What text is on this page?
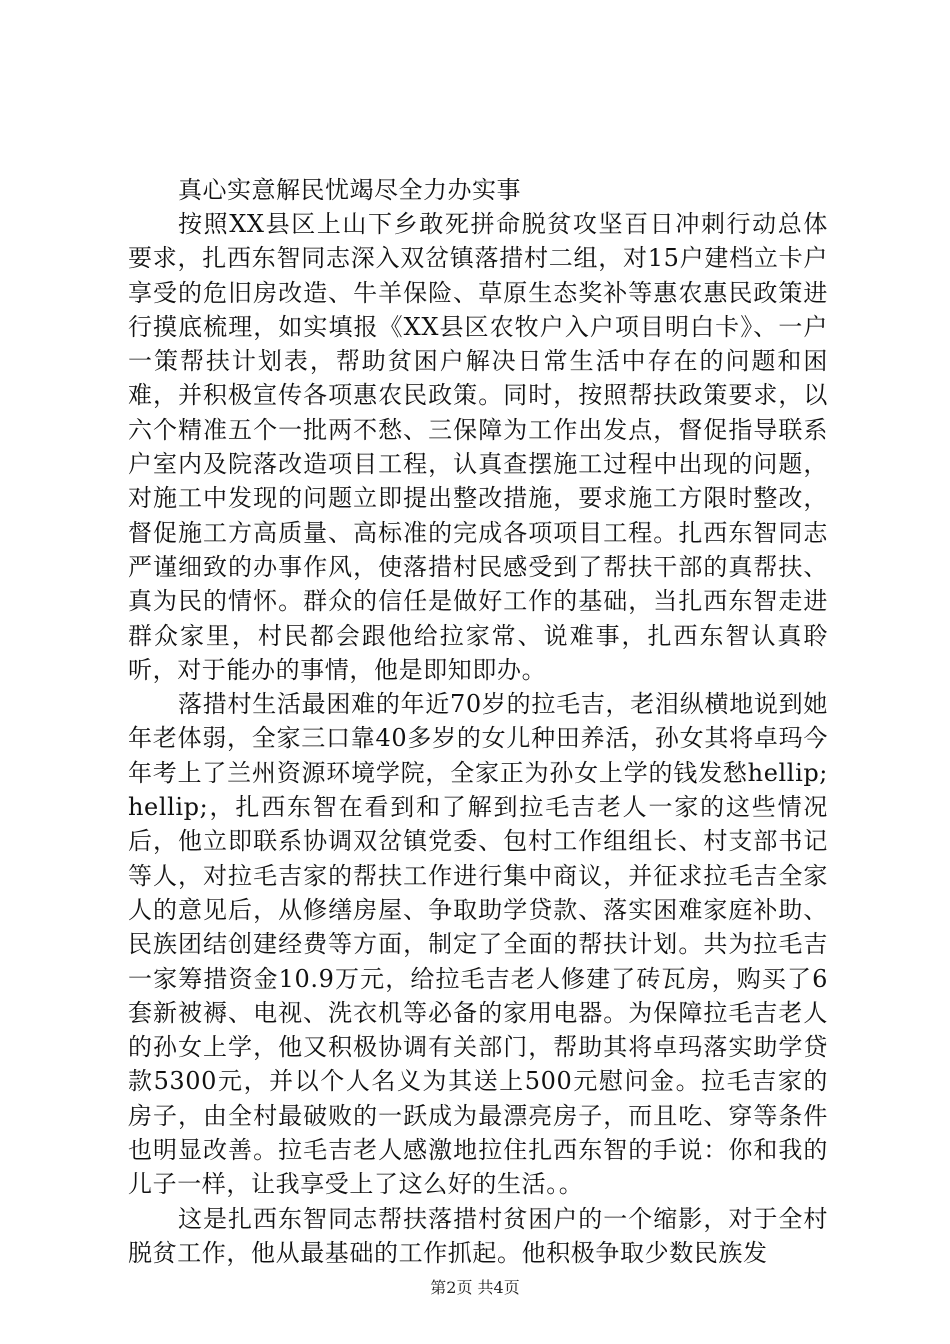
真心实意解民忧竭尽全力办实事

按照XX县区上山下乡敢死拼命脱贫攻坚百日冲刺行动总体要求，扎西东智同志深入双岔镇落措村二组，对15户建档立卡户享受的危旧房改造、牛羊保险、草原生态奖补等惠农惠民政策进行摸底梳理，如实填报《XX县区农牧户入户项目明白卡》、一户一策帮扶计划表，帮助贫困户解决日常生活中存在的问题和困难，并积极宣传各项惠农民政策。同时，按照帮扶政策要求，以六个精准五个一批两不愁、三保障为工作出发点，督促指导联系户室内及院落改造项目工程，认真查摆施工过程中出现的问题，对施工中发现的问题立即提出整改措施，要求施工方限时整改，督促施工方高质量、高标准的完成各项项目工程。扎西东智同志严谨细致的办事作风，使落措村民感受到了帮扶干部的真帮扶、真为民的情怀。群众的信任是做好工作的基础，当扎西东智走进群众家里，村民都会跟他给拉家常、说难事，扎西东智认真聆听，对于能办的事情，他是即知即办。

落措村生活最困难的年近70岁的拉毛吉，老泪纵横地说到她年老体弱，全家三口靠40多岁的女儿种田养活，孙女其将卓玛今年考上了兰州资源环境学院，全家正为孙女上学的钱发愁hellip;hellip;，扎西东智在看到和了解到拉毛吉老人一家的这些情况后，他立即联系协调双岔镇党委、包村工作组组长、村支部书记等人，对拉毛吉家的帮扶工作进行集中商议，并征求拉毛吉全家人的意见后，从修缮房屋、争取助学贷款、落实困难家庭补助、民族团结创建经费等方面，制定了全面的帮扶计划。共为拉毛吉一家筹措资金10.9万元，给拉毛吉老人修建了砖瓦房，购买了6套新被褥、电视、洗衣机等必备的家用电器。为保障拉毛吉老人的孙女上学，他又积极协调有关部门，帮助其将卓玛落实助学贷款5300元，并以个人名义为其送上500元慰问金。拉毛吉家的房子，由全村最破败的一跃成为最漂亮房子，而且吃、穿等条件也明显改善。拉毛吉老人感激地拉住扎西东智的手说：你和我的儿子一样，让我享受上了这么好的生活。。

这是扎西东智同志帮扶落措村贫困户的一个缩影，对于全村脱贫工作，他从最基础的工作抓起。他积极争取少数民族发

第2页 共4页
